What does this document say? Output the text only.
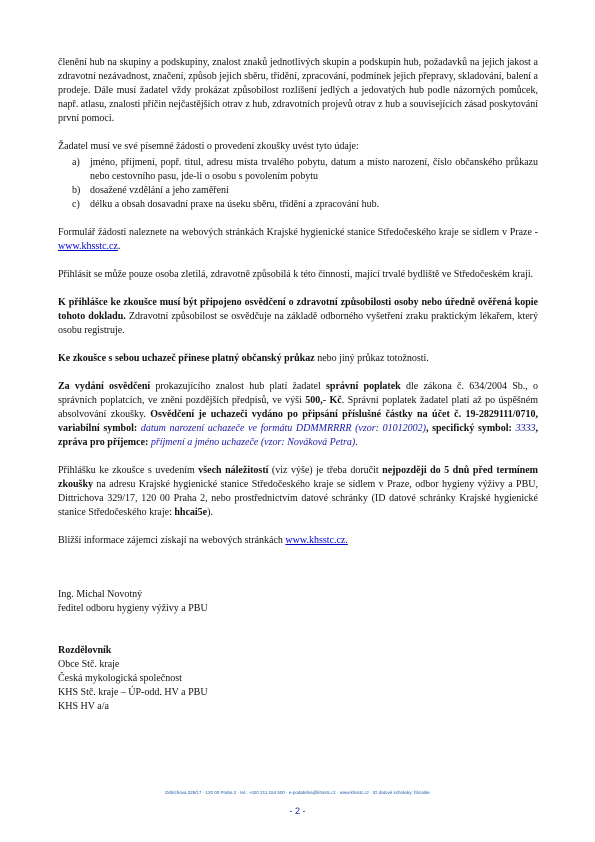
členění hub na skupiny a podskupiny, znalost znaků jednotlivých skupin a podskupin hub, požadavků na jejich jakost a zdravotní nezávadnost, značení, způsob jejich sběru, třídění, zpracování, podmínek jejich přepravy, skladování, balení a prodeje. Dále musí žadatel vždy prokázat způsobilost rozlišení jedlých a jedovatých hub podle názorných pomůcek, např. atlasu, znalosti příčin nejčastějších otrav z hub, zdravotních projevů otrav z hub a souvisejících zásad poskytování první pomoci.

Žadatel musí ve své písemné žádosti o provedení zkoušky uvést tyto údaje:

a)	jméno, příjmení, popř. titul, adresu místa trvalého pobytu, datum a místo narození, číslo občanského průkazu nebo cestovního pasu, jde-li o osobu s povolením pobytu
b) dosažené vzdělání a jeho zaměření
c)	délku a obsah dosavadní praxe na úseku sběru, třídění a zpracování hub.

Formulář žádosti naleznete na webových stránkách Krajské hygienické stanice Středočeského kraje se sídlem v Praze - www.khsstc.cz.

Přihlásit se může pouze osoba zletilá, zdravotně způsobilá k této činnosti, mající trvalé bydliště ve Středočeském kraji.

K přihlášce ke zkoušce musí být připojeno osvědčení o zdravotní způsobilosti osoby nebo úředně ověřená kopie tohoto dokladu. Zdravotní způsobilost se osvědčuje na základě odborného vyšetření zraku praktickým lékařem, který osobu registruje.

Ke zkoušce s sebou uchazeč přinese platný občanský průkaz nebo jiný průkaz totožnosti.

Za vydání osvědčení prokazujícího znalost hub platí žadatel správní poplatek dle zákona č. 634/2004 Sb., o správních poplatcích, ve znění pozdějších předpisů, ve výši 500,- Kč. Správní poplatek žadatel platí až po úspěšném absolvování zkoušky. Osvědčení je uchazeči vydáno po připsání příslušné částky na účet č. 19-2829111/0710, variabilní symbol: datum narození uchazeče ve formátu DDMMRRRR (vzor: 01012002), specifický symbol: 3333, zpráva pro příjemce: příjmení a jméno uchazeče (vzor: Nováková Petra).

Přihlášku ke zkoušce s uvedením všech náležitostí (viz výše) je třeba doručit nejpozději do 5 dnů před termínem zkoušky na adresu Krajské hygienické stanice Středočeského kraje se sídlem v Praze, odbor hygieny výživy a PBU, Dittrichova 329/17, 120 00 Praha 2, nebo prostřednictvím datové schránky (ID datové schránky Krajské hygienické stanice Středočeského kraje: hhcai5e).

Bližší informace zájemci získají na webových stránkách www.khsstc.cz.

Ing. Michal Novotný
ředitel odboru hygieny výživy a PBU
Rozdělovník
Obce Stč. kraje
Česká mykologická společnost
KHS Stč. kraje – ÚP-odd. HV a PBU
KHS HV a/a
Dittrichova 329/17 · 120 00 Praha 2 · tel.: +420 211 154 500 · e-podatelna@khsstc.cz · www.khsstc.cz · ID datové schránky: hhcai5e
- 2 -
